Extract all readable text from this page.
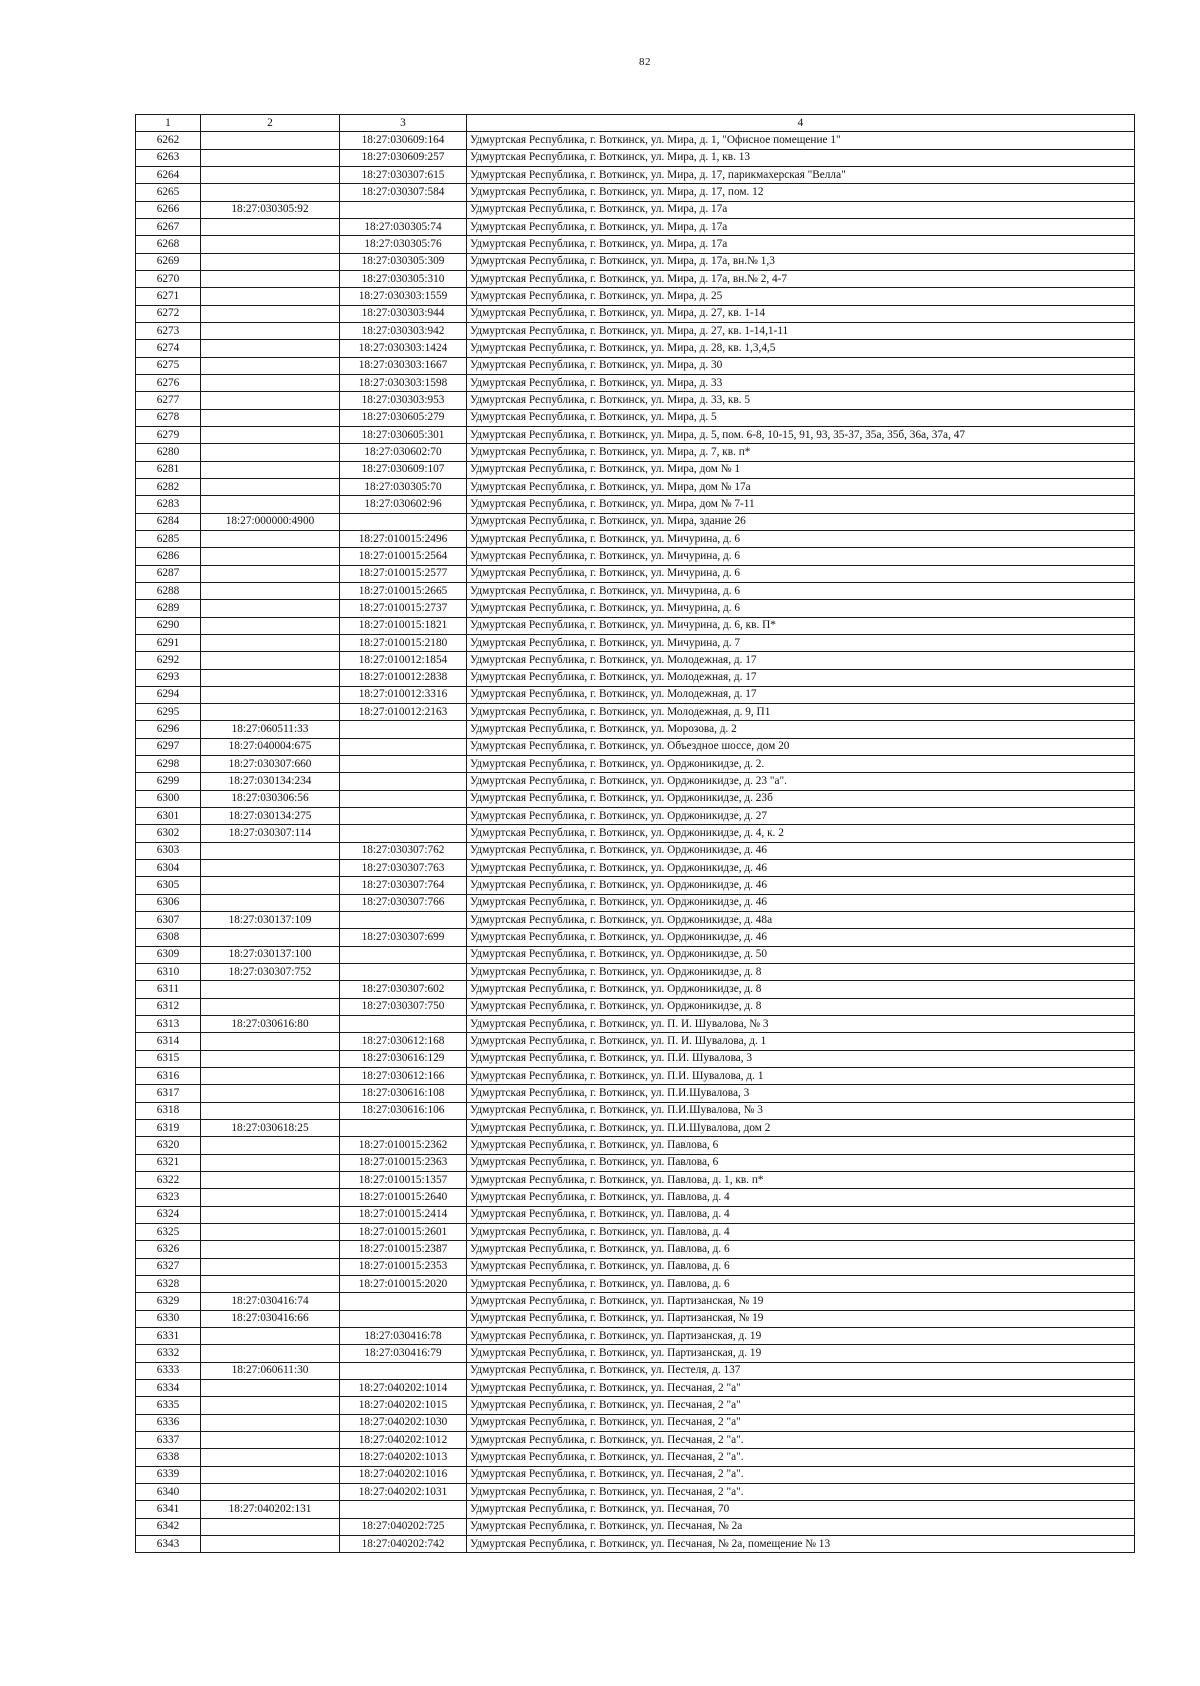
82
1	2	3	4
6262		18:27:030609:164	Удмуртская Республика, г. Воткинск, ул. Мира, д. 1, "Офисное помещение 1"
6263		18:27:030609:257	Удмуртская Республика, г. Воткинск, ул. Мира, д. 1, кв. 13
6264		18:27:030307:615	Удмуртская Республика, г. Воткинск, ул. Мира, д. 17, парикмахерская "Велла"
6265		18:27:030307:584	Удмуртская Республика, г. Воткинск, ул. Мира, д. 17, пом. 12
6266	18:27:030305:92		Удмуртская Республика, г. Воткинск, ул. Мира, д. 17а
6267		18:27:030305:74	Удмуртская Республика, г. Воткинск, ул. Мира, д. 17а
6268		18:27:030305:76	Удмуртская Республика, г. Воткинск, ул. Мира, д. 17а
6269		18:27:030305:309	Удмуртская Республика, г. Воткинск, ул. Мира, д. 17а, вн.№ 1,3
6270		18:27:030305:310	Удмуртская Республика, г. Воткинск, ул. Мира, д. 17а, вн.№ 2, 4-7
6271		18:27:030303:1559	Удмуртская Республика, г. Воткинск, ул. Мира, д. 25
6272		18:27:030303:944	Удмуртская Республика, г. Воткинск, ул. Мира, д. 27, кв. 1-14
6273		18:27:030303:942	Удмуртская Республика, г. Воткинск, ул. Мира, д. 27, кв. 1-14,1-11
6274		18:27:030303:1424	Удмуртская Республика, г. Воткинск, ул. Мира, д. 28, кв. 1,3,4,5
6275		18:27:030303:1667	Удмуртская Республика, г. Воткинск, ул. Мира, д. 30
6276		18:27:030303:1598	Удмуртская Республика, г. Воткинск, ул. Мира, д. 33
6277		18:27:030303:953	Удмуртская Республика, г. Воткинск, ул. Мира, д. 33, кв. 5
6278		18:27:030605:279	Удмуртская Республика, г. Воткинск, ул. Мира, д. 5
6279		18:27:030605:301	Удмуртская Республика, г. Воткинск, ул. Мира, д. 5, пом. 6-8, 10-15, 91, 93, 35-37, 35а, 35б, 36а, 37а, 47
6280		18:27:030602:70	Удмуртская Республика, г. Воткинск, ул. Мира, д. 7, кв. п*
6281		18:27:030609:107	Удмуртская Республика, г. Воткинск, ул. Мира, дом № 1
6282		18:27:030305:70	Удмуртская Республика, г. Воткинск, ул. Мира, дом № 17а
6283		18:27:030602:96	Удмуртская Республика, г. Воткинск, ул. Мира, дом № 7-11
6284	18:27:000000:4900		Удмуртская Республика, г. Воткинск, ул. Мира, здание 26
6285		18:27:010015:2496	Удмуртская Республика, г. Воткинск, ул. Мичурина, д. 6
6286		18:27:010015:2564	Удмуртская Республика, г. Воткинск, ул. Мичурина, д. 6
6287		18:27:010015:2577	Удмуртская Республика, г. Воткинск, ул. Мичурина, д. 6
6288		18:27:010015:2665	Удмуртская Республика, г. Воткинск, ул. Мичурина, д. 6
6289		18:27:010015:2737	Удмуртская Республика, г. Воткинск, ул. Мичурина, д. 6
6290		18:27:010015:1821	Удмуртская Республика, г. Воткинск, ул. Мичурина, д. 6, кв. П*
6291		18:27:010015:2180	Удмуртская Республика, г. Воткинск, ул. Мичурина, д. 7
6292		18:27:010012:1854	Удмуртская Республика, г. Воткинск, ул. Молодежная, д. 17
6293		18:27:010012:2838	Удмуртская Республика, г. Воткинск, ул. Молодежная, д. 17
6294		18:27:010012:3316	Удмуртская Республика, г. Воткинск, ул. Молодежная, д. 17
6295		18:27:010012:2163	Удмуртская Республика, г. Воткинск, ул. Молодежная, д. 9, П1
6296	18:27:060511:33		Удмуртская Республика, г. Воткинск, ул. Морозова, д. 2
6297	18:27:040004:675		Удмуртская Республика, г. Воткинск, ул. Объездное шоссе, дом 20
6298	18:27:030307:660		Удмуртская Республика, г. Воткинск, ул. Орджоникидзе, д. 2.
6299	18:27:030134:234		Удмуртская Республика, г. Воткинск, ул. Орджоникидзе, д. 23 "а".
6300	18:27:030306:56		Удмуртская Республика, г. Воткинск, ул. Орджоникидзе, д. 23б
6301	18:27:030134:275		Удмуртская Республика, г. Воткинск, ул. Орджоникидзе, д. 27
6302	18:27:030307:114		Удмуртская Республика, г. Воткинск, ул. Орджоникидзе, д. 4, к. 2
6303		18:27:030307:762	Удмуртская Республика, г. Воткинск, ул. Орджоникидзе, д. 46
6304		18:27:030307:763	Удмуртская Республика, г. Воткинск, ул. Орджоникидзе, д. 46
6305		18:27:030307:764	Удмуртская Республика, г. Воткинск, ул. Орджоникидзе, д. 46
6306		18:27:030307:766	Удмуртская Республика, г. Воткинск, ул. Орджоникидзе, д. 46
6307	18:27:030137:109		Удмуртская Республика, г. Воткинск, ул. Орджоникидзе, д. 48а
6308		18:27:030307:699	Удмуртская Республика, г. Воткинск, ул. Орджоникидзе, д. 46
6309	18:27:030137:100		Удмуртская Республика, г. Воткинск, ул. Орджоникидзе, д. 50
6310	18:27:030307:752		Удмуртская Республика, г. Воткинск, ул. Орджоникидзе, д. 8
6311		18:27:030307:602	Удмуртская Республика, г. Воткинск, ул. Орджоникидзе, д. 8
6312		18:27:030307:750	Удмуртская Республика, г. Воткинск, ул. Орджоникидзе, д. 8
6313	18:27:030616:80		Удмуртская Республика, г. Воткинск, ул. П. И. Шувалова, № 3
6314		18:27:030612:168	Удмуртская Республика, г. Воткинск, ул. П. И. Шувалова, д. 1
6315		18:27:030616:129	Удмуртская Республика, г. Воткинск, ул. П.И. Шувалова, 3
6316		18:27:030612:166	Удмуртская Республика, г. Воткинск, ул. П.И. Шувалова, д. 1
6317		18:27:030616:108	Удмуртская Республика, г. Воткинск, ул. П.И.Шувалова, 3
6318		18:27:030616:106	Удмуртская Республика, г. Воткинск, ул. П.И.Шувалова, № 3
6319	18:27:030618:25		Удмуртская Республика, г. Воткинск, ул. П.И.Шувалова, дом 2
6320		18:27:010015:2362	Удмуртская Республика, г. Воткинск, ул. Павлова, 6
6321		18:27:010015:2363	Удмуртская Республика, г. Воткинск, ул. Павлова, 6
6322		18:27:010015:1357	Удмуртская Республика, г. Воткинск, ул. Павлова, д. 1, кв. п*
6323		18:27:010015:2640	Удмуртская Республика, г. Воткинск, ул. Павлова, д. 4
6324		18:27:010015:2414	Удмуртская Республика, г. Воткинск, ул. Павлова, д. 4
6325		18:27:010015:2601	Удмуртская Республика, г. Воткинск, ул. Павлова, д. 4
6326		18:27:010015:2387	Удмуртская Республика, г. Воткинск, ул. Павлова, д. 6
6327		18:27:010015:2353	Удмуртская Республика, г. Воткинск, ул. Павлова, д. 6
6328		18:27:010015:2020	Удмуртская Республика, г. Воткинск, ул. Павлова, д. 6
6329	18:27:030416:74		Удмуртская Республика, г. Воткинск, ул. Партизанская, № 19
6330	18:27:030416:66		Удмуртская Республика, г. Воткинск, ул. Партизанская, № 19
6331		18:27:030416:78	Удмуртская Республика, г. Воткинск, ул. Партизанская, д. 19
6332		18:27:030416:79	Удмуртская Республика, г. Воткинск, ул. Партизанская, д. 19
6333	18:27:060611:30		Удмуртская Республика, г. Воткинск, ул. Пестеля, д. 137
6334		18:27:040202:1014	Удмуртская Республика, г. Воткинск, ул. Песчаная, 2 "а"
6335		18:27:040202:1015	Удмуртская Республика, г. Воткинск, ул. Песчаная, 2 "а"
6336		18:27:040202:1030	Удмуртская Республика, г. Воткинск, ул. Песчаная, 2 "а"
6337		18:27:040202:1012	Удмуртская Республика, г. Воткинск, ул. Песчаная, 2 "а".
6338		18:27:040202:1013	Удмуртская Республика, г. Воткинск, ул. Песчаная, 2 "а".
6339		18:27:040202:1016	Удмуртская Республика, г. Воткинск, ул. Песчаная, 2 "а".
6340		18:27:040202:1031	Удмуртская Республика, г. Воткинск, ул. Песчаная, 2 "а".
6341	18:27:040202:131		Удмуртская Республика, г. Воткинск, ул. Песчаная, 70
6342		18:27:040202:725	Удмуртская Республика, г. Воткинск, ул. Песчаная, № 2а
6343		18:27:040202:742	Удмуртская Республика, г. Воткинск, ул. Песчаная, № 2а, помещение № 13
